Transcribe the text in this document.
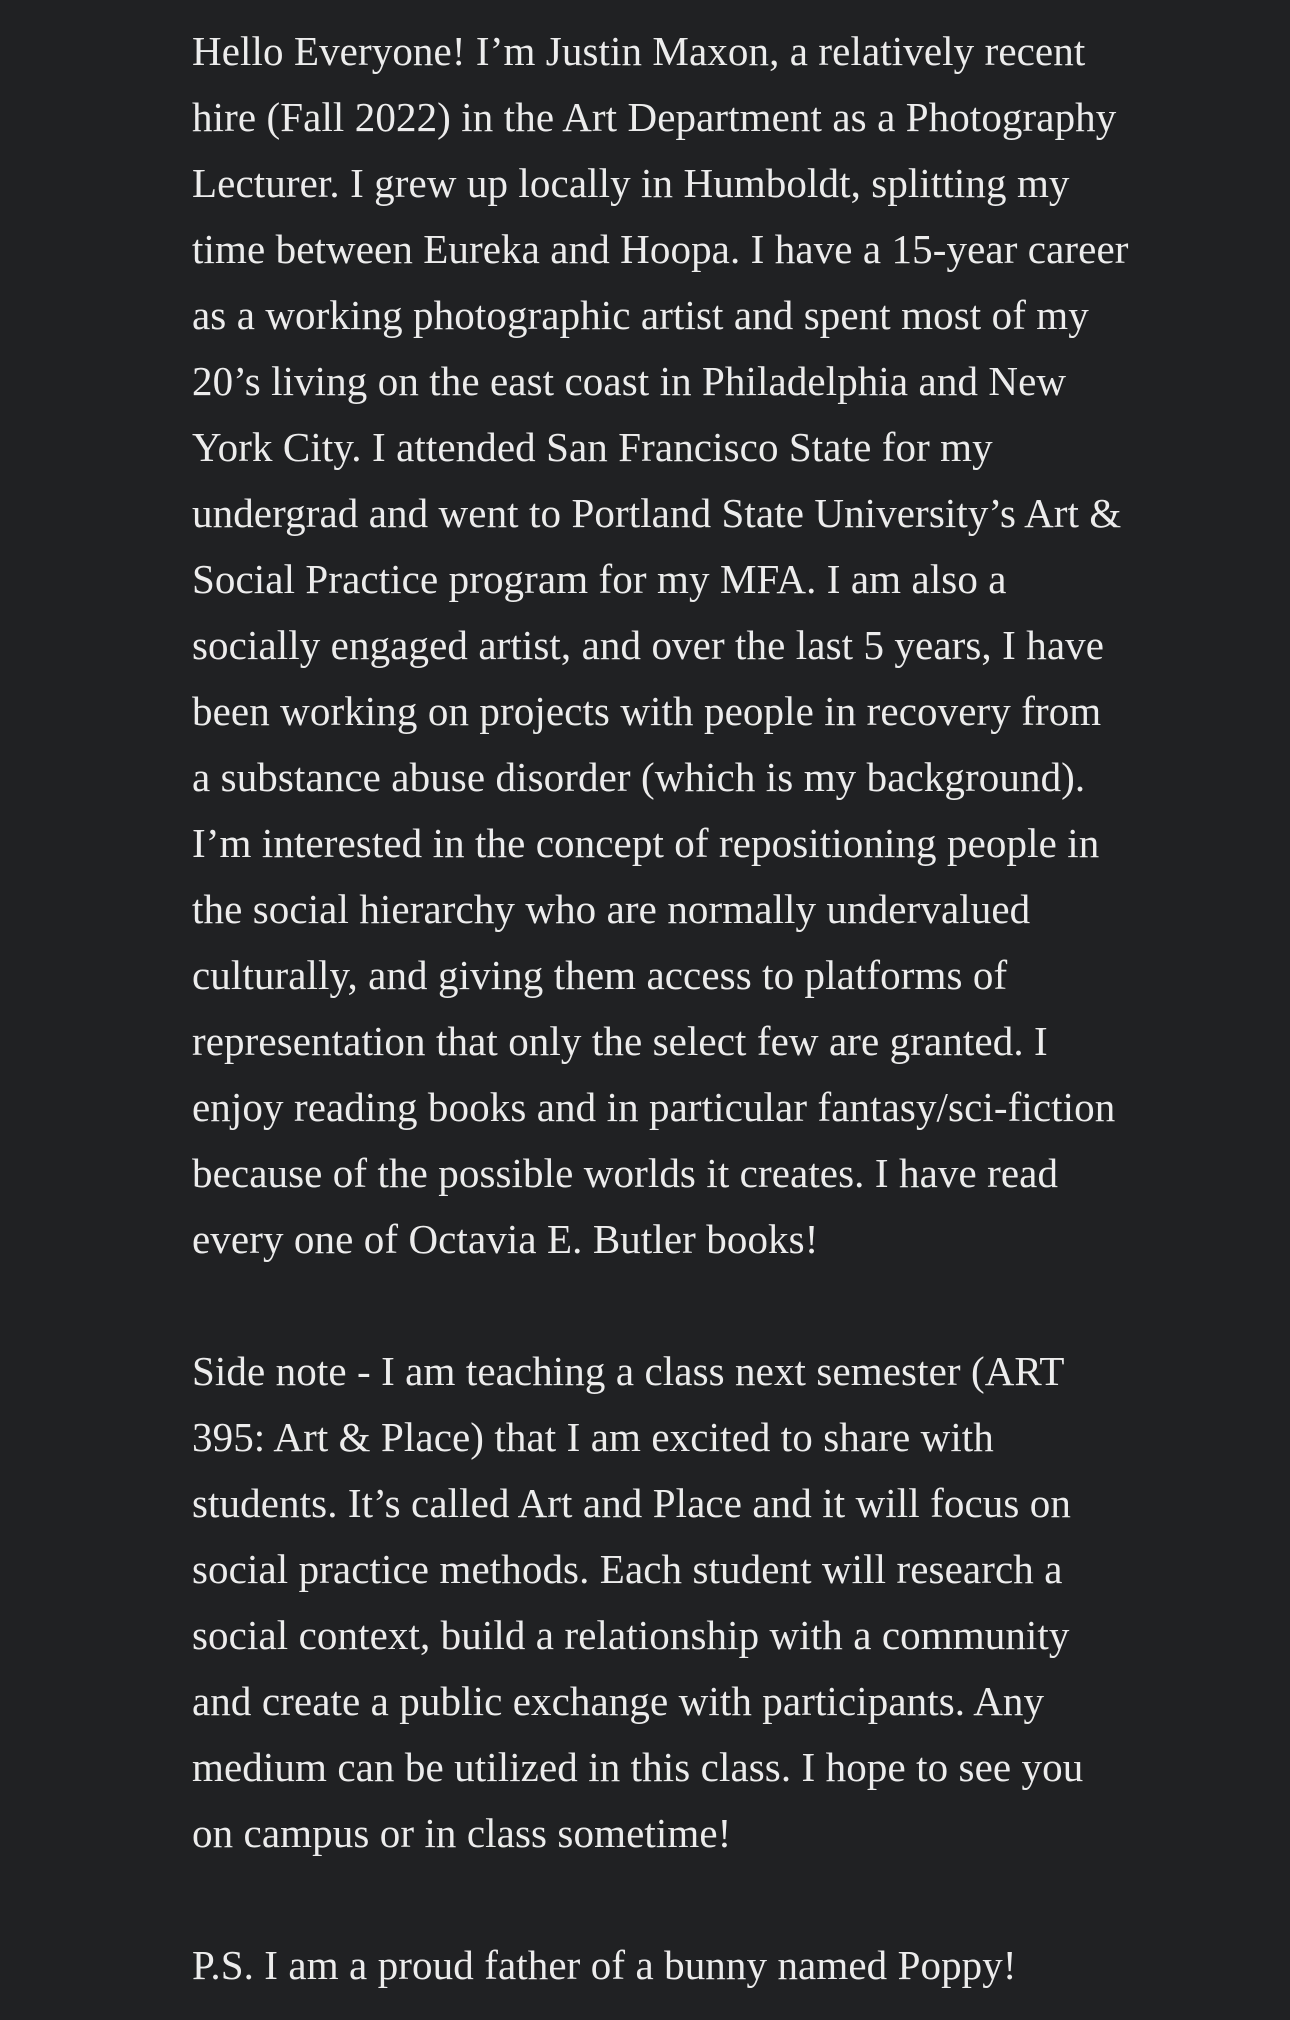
Hello Everyone! I’m Justin Maxon, a relatively recent
hire (Fall 2022) in the Art Department as a Photography
Lecturer. I grew up locally in Humboldt, splitting my
time between Eureka and Hoopa. I have a 15-year career
as a working photographic artist and spent most of my
20’s living on the east coast in Philadelphia and New
York City. I attended San Francisco State for my
undergrad and went to Portland State University’s Art &
Social Practice program for my MFA. I am also a
socially engaged artist, and over the last 5 years, I have
been working on projects with people in recovery from
a substance abuse disorder (which is my background).
I’m interested in the concept of repositioning people in
the social hierarchy who are normally undervalued
culturally, and giving them access to platforms of
representation that only the select few are granted. I
enjoy reading books and in particular fantasy/sci-fiction
because of the possible worlds it creates. I have read
every one of Octavia E. Butler books!

Side note - I am teaching a class next semester (ART
395: Art & Place) that I am excited to share with
students. It’s called Art and Place and it will focus on
social practice methods. Each student will research a
social context, build a relationship with a community
and create a public exchange with participants. Any
medium can be utilized in this class. I hope to see you
on campus or in class sometime!

P.S. I am a proud father of a bunny named Poppy!
